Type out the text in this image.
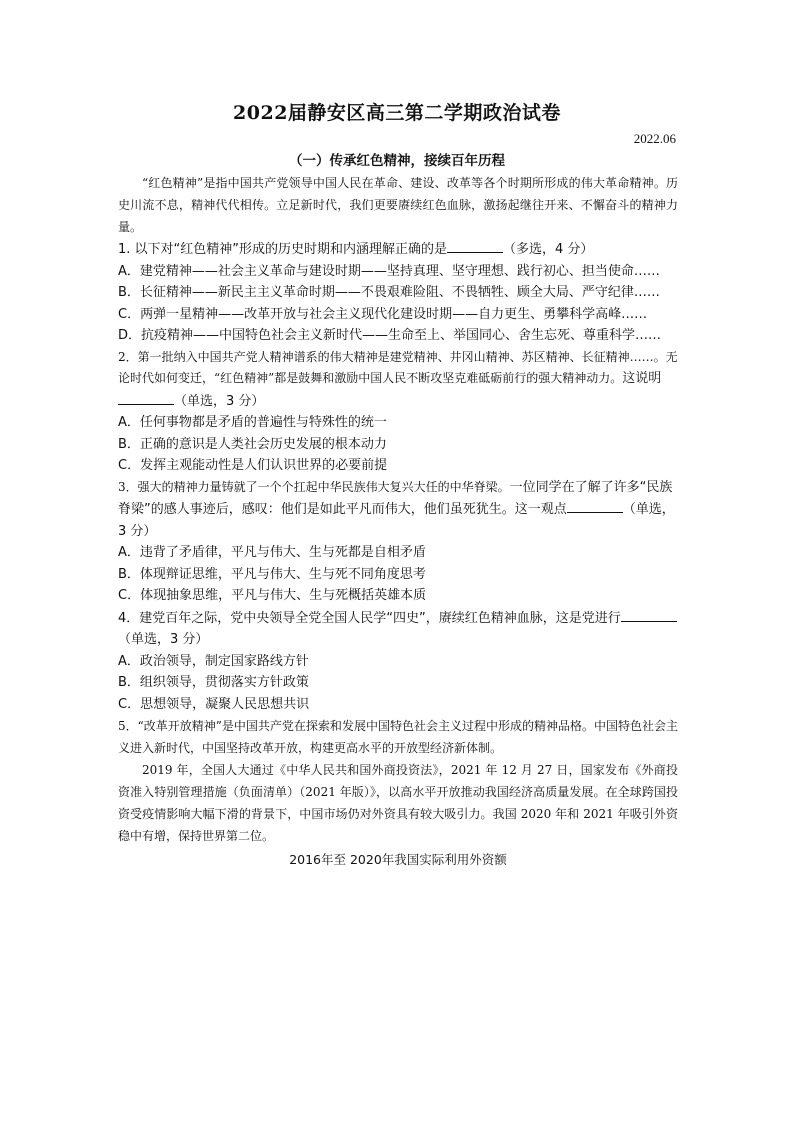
2022届静安区高三第二学期政治试卷
2022.06
（一）传承红色精神，接续百年历程

“红色精神”是指中国共产党领导中国人民在革命、建设、改革等各个时期所形成的伟大革命精神。历史川流不息，精神代代相传。立足新时代，我们更要赓续红色血脉，激扬起继往开来、不懈奋斗的精神力量。

1. 以下对“红色精神”形成的历史时期和内涵理解正确的是	（多选，4 分）

A．建党精神——社会主义革命与建设时期——坚持真理、坚守理想、践行初心、担当使命……

B．长征精神——新民主主义革命时期——不畏艰难险阻、不畏牺牲、顾全大局、严守纪律……

C．两弹一星精神——改革开放与社会主义现代化建设时期——自力更生、勇攀科学高峰……

D．抗疫精神——中国特色社会主义新时代——生命至上、举国同心、舍生忘死、尊重科学……

2．第一批纳入中国共产党人精神谱系的伟大精神是建党精神、井冈山精神、苏区精神、长征精神……。无论时代如何变迁，“红色精神”都是鼓舞和激励中国人民不断攻坚克难砥砺前行的强大精神动力。这说明（单选，3 分）

A．任何事物都是矛盾的普遍性与特殊性的统一

B．正确的意识是人类社会历史发展的根本动力

C．发挥主观能动性是人们认识世界的必要前提

3．强大的精神力量铸就了一个个扛起中华民族伟大复兴大任的中华脊梁。一位同学在了解了许多“民族脊梁”的感人事迹后，感叹：他们是如此平凡而伟大，他们虽死犹生。这一观点	（单选，3 分）

A．违背了矛盾律，平凡与伟大、生与死都是自相矛盾

B．体现辩证思维，平凡与伟大、生与死不同角度思考

C．体现抽象思维，平凡与伟大、生与死概括英雄本质

4．建党百年之际，党中央领导全党全国人民学“四史”，赓续红色精神血脉，这是党进行（单选，3 分）

A．政治领导，制定国家路线方针

B．组织领导，贯彻落实方针政策

C．思想领导，凝聚人民思想共识

5．“改革开放精神”是中国共产党在探索和发展中国特色社会主义过程中形成的精神品格。中国特色社会主义进入新时代，中国坚持改革开放，构建更高水平的开放型经济新体制。

2019 年，全国人大通过《中华人民共和国外商投资法》，2021 年 12 月 27 日，国家发布《外商投资准入特别管理措施（负面清单）（2021 年版）》，以高水平开放推动我国经济高质量发展。在全球跨国投资受疫情影响大幅下滑的背景下，中国市场仍对外资具有较大吸引力。我国 2020 年和 2021 年吸引外资稳中有增，保持世界第二位。

2016年至 2020年我国实际利用外资额
